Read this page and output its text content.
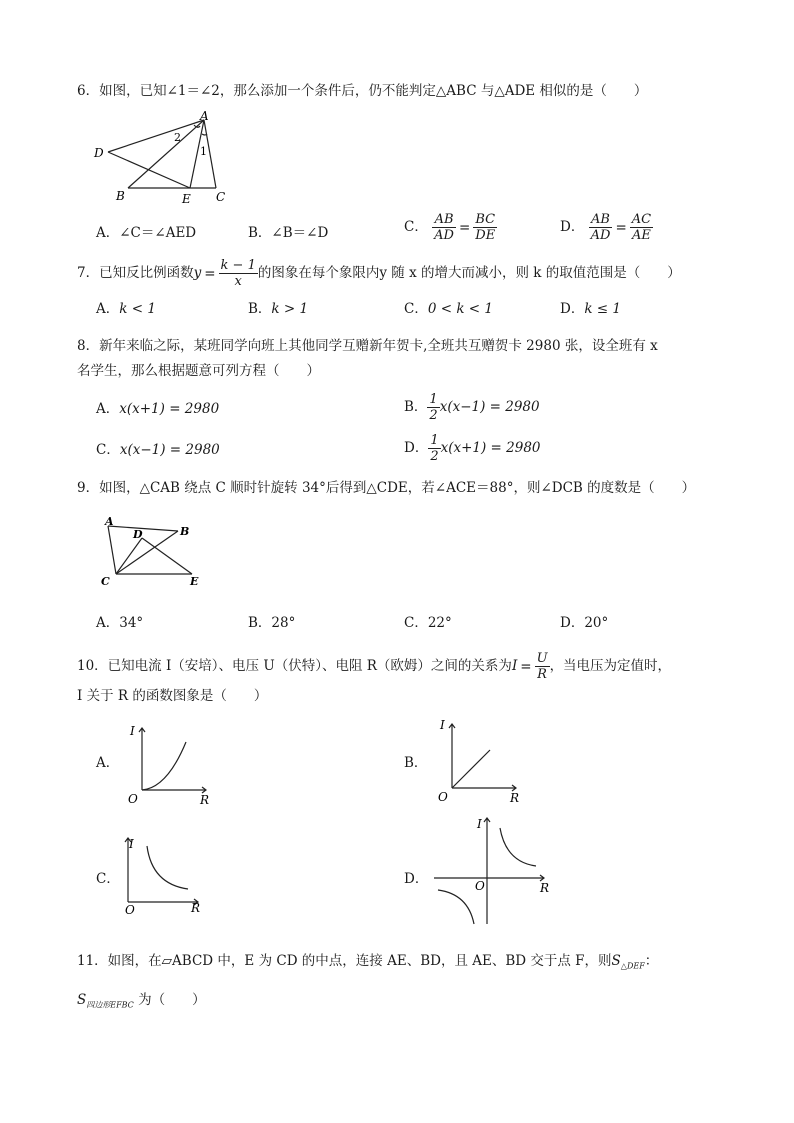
6．如图，已知∠1＝∠2，那么添加一个条件后，仍不能判定△ABC 与△ADE 相似的是（　　）
A
D
B	E C
2
1
A．∠C＝∠AED	B．∠B＝∠D	C． $\frac{AB}{AD} = \frac{BC}{DE}$	D． $\frac{AB}{AD} = \frac{AC}{AE}$
7．已知反比例函数$y = \frac{k - 1}{x}$ 的图象在每个象限内y 随 x 的增大而减小，则 k 的取值范围是（　　）
A．k < 1	B．k > 1	C．0 < k < 1	D．k ≤ 1
8．新年来临之际，某班同学向班上其他同学互赠新年贺卡,全班共互赠贺卡 2980 张，设全班有 x
名学生，那么根据题意可列方程（　　）
A．x(x+1) = 2980	B． $\frac{1}{2} x(x-1) = 2980$
C．x(x−1) = 2980	D． $\frac{1}{2} x(x+1) = 2980$
9．如图，△CAB 绕点 C 顺时针旋转 34°后得到△CDE，若∠ACE＝88°，则∠DCB 的度数是（　　）
A
D	B
C	E
A．34°	B．28°	C．22°	D．20°
10．已知电流 I（安培）、电压 U（伏特）、电阻 R（欧姆）之间的关系为$I = \frac{U}{R}$ ，当电压为定值时，
I 关于 R 的函数图象是（　　）
A．
I
R
O
B．
I
R
O
C．
I
R
O
D．
I
R
O
11．如图，在▱ABCD 中，E 为 CD 的中点，连接 AE、BD，且 AE、BD 交于点 F，则$S_{\triangle DEF}$：
$S_{四边形EFBC}$ 为（　　）
